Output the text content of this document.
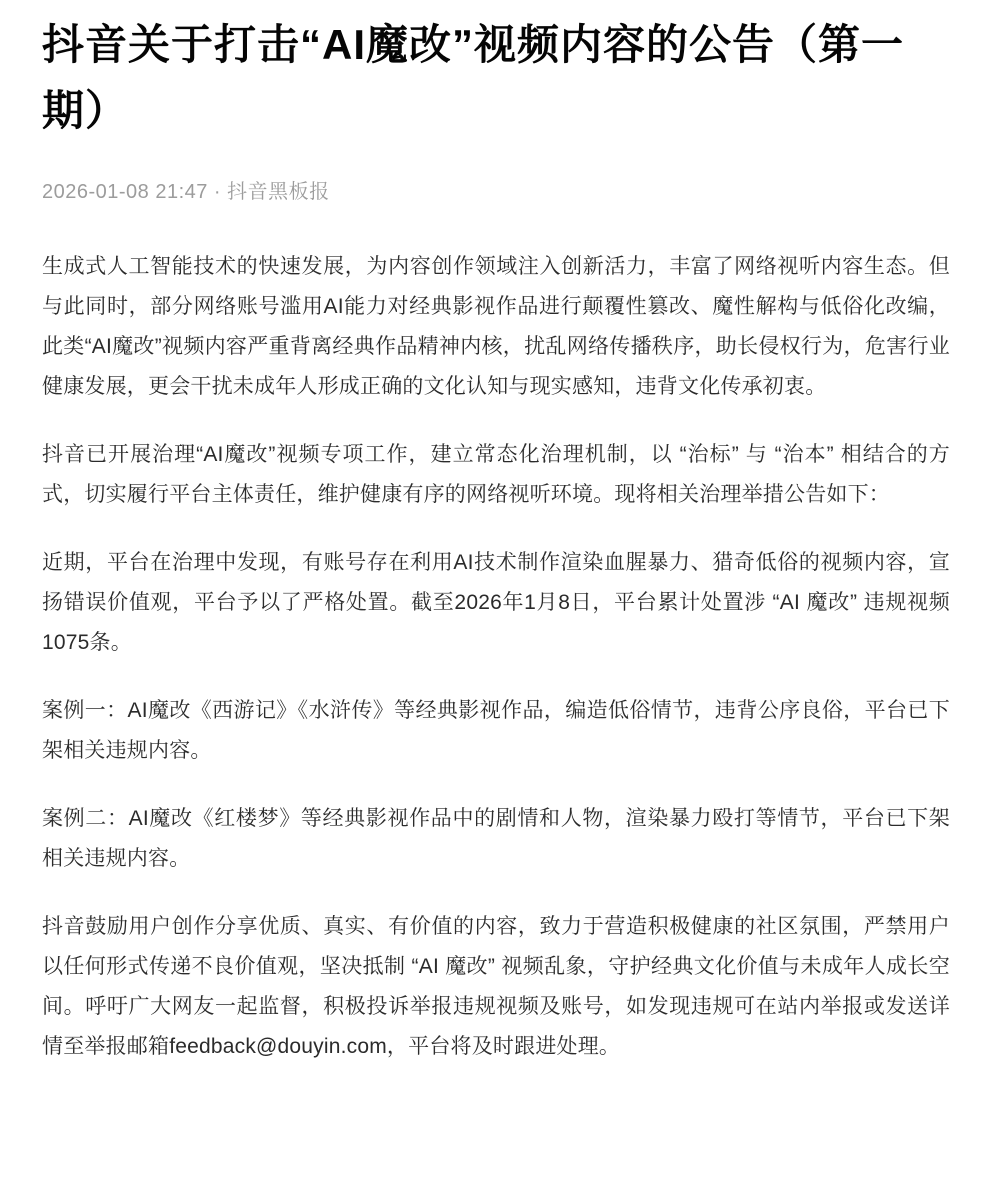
抖音关于打击“AI魔改”视频内容的公告（第一期）
2026-01-08 21:47 · 抖音黑板报

生成式人工智能技术的快速发展，为内容创作领域注入创新活力，丰富了网络视听内容生态。但与此同时，部分网络账号滥用AI能力对经典影视作品进行颠覆性篡改、魔性解构与低俗化改编，此类“AI魔改”视频内容严重背离经典作品精神内核，扰乱网络传播秩序，助长侵权行为，危害行业健康发展，更会干扰未成年人形成正确的文化认知与现实感知，违背文化传承初衷。

抖音已开展治理“AI魔改”视频专项工作，建立常态化治理机制，以 “治标” 与 “治本” 相结合的方式，切实履行平台主体责任，维护健康有序的网络视听环境。现将相关治理举措公告如下：

近期，平台在治理中发现，有账号存在利用AI技术制作渲染血腥暴力、猎奇低俗的视频内容，宣扬错误价值观，平台予以了严格处置。截至2026年1月8日，平台累计处置涉 “AI 魔改” 违规视频1075条。

案例一：AI魔改《西游记》《水浒传》等经典影视作品，编造低俗情节，违背公序良俗，平台已下架相关违规内容。

案例二：AI魔改《红楼梦》等经典影视作品中的剧情和人物，渲染暴力殴打等情节，平台已下架相关违规内容。

抖音鼓励用户创作分享优质、真实、有价值的内容，致力于营造积极健康的社区氛围，严禁用户以任何形式传递不良价值观，坚决抵制 “AI 魔改” 视频乱象，守护经典文化价值与未成年人成长空间。呼吁广大网友一起监督，积极投诉举报违规视频及账号，如发现违规可在站内举报或发送详情至举报邮箱feedback@douyin.com，平台将及时跟进处理。
